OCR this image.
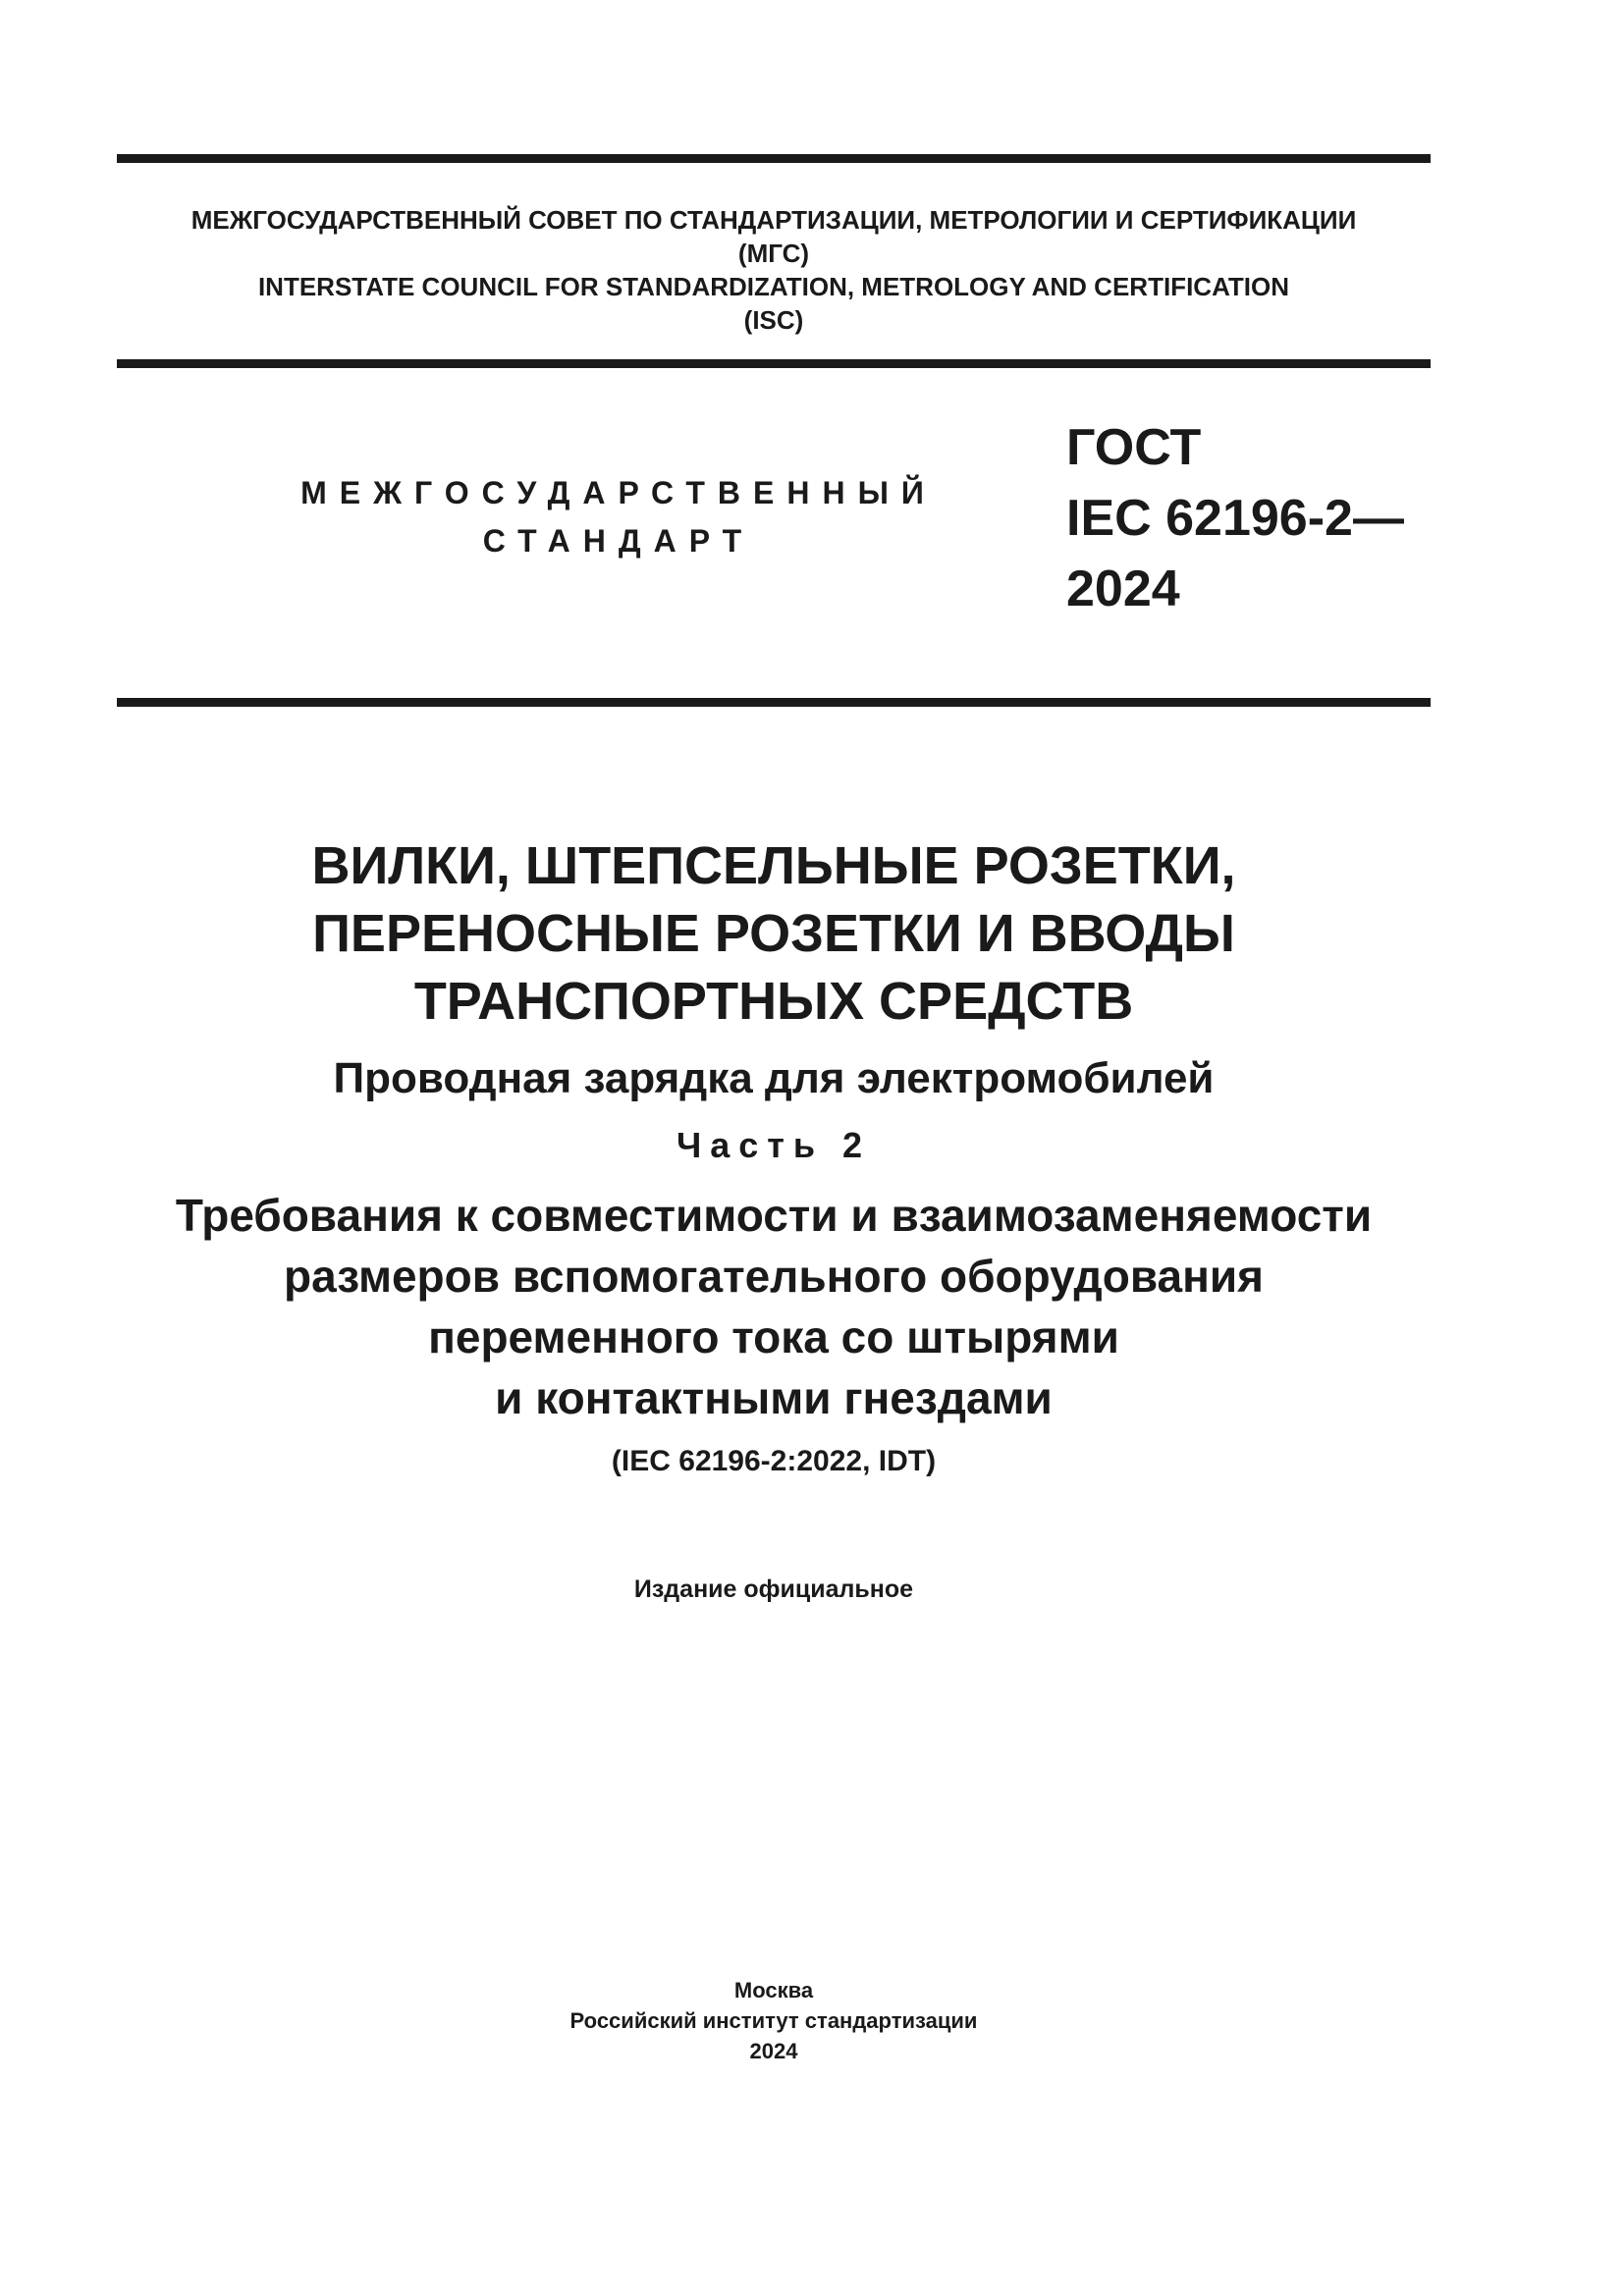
МЕЖГОСУДАРСТВЕННЫЙ СОВЕТ ПО СТАНДАРТИЗАЦИИ, МЕТРОЛОГИИ И СЕРТИФИКАЦИИ
(МГС)
INTERSTATE COUNCIL FOR STANDARDIZATION, METROLOGY AND CERTIFICATION
(ISC)
МЕЖГОСУДАРСТВЕННЫЙ
СТАНДАРТ
ГОСТ
IEC 62196-2—
2024
ВИЛКИ, ШТЕПСЕЛЬНЫЕ РОЗЕТКИ,
ПЕРЕНОСНЫЕ РОЗЕТКИ И ВВОДЫ
ТРАНСПОРТНЫХ СРЕДСТВ
Проводная зарядка для электромобилей
Часть 2
Требования к совместимости и взаимозаменяемости
размеров вспомогательного оборудования
переменного тока со штырями
и контактными гнездами
(IEC 62196-2:2022, IDT)
Издание официальное
Москва
Российский институт стандартизации
2024
